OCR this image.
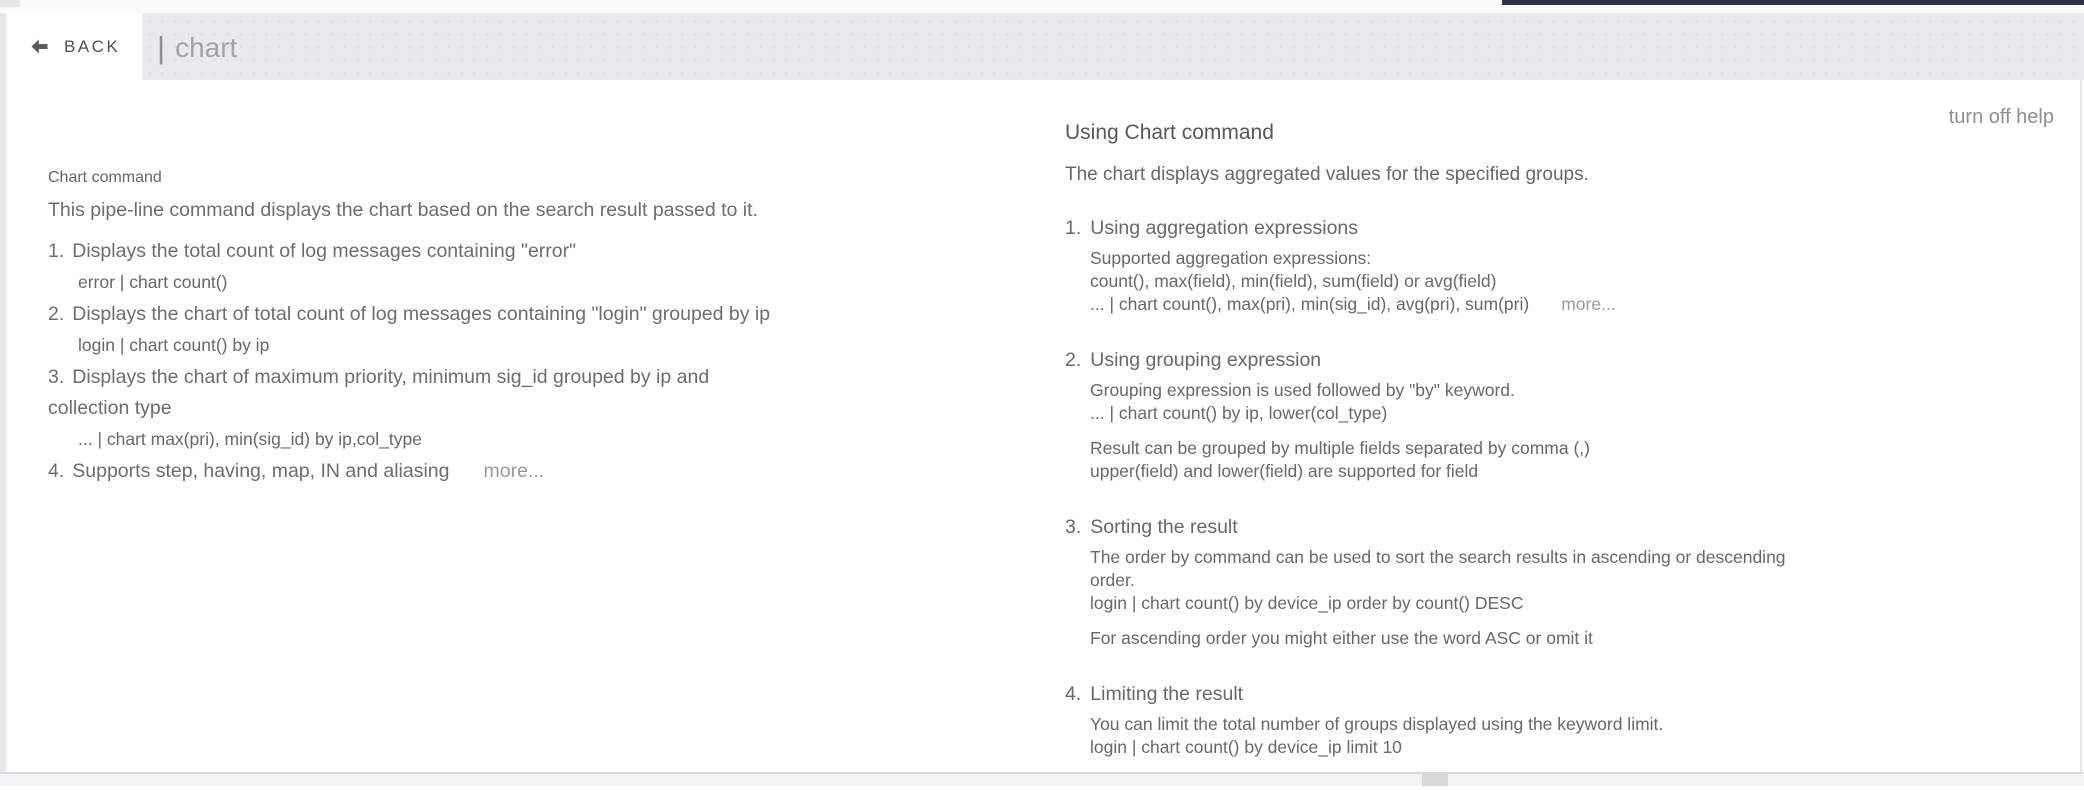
BACK | chart
turn off help
Chart command
This pipe-line command displays the chart based on the search result passed to it.
1. Displays the total count of log messages containing "error"
error | chart count()
2. Displays the chart of total count of log messages containing "login" grouped by ip
login | chart count() by ip
3. Displays the chart of maximum priority, minimum sig_id grouped by ip and
collection type
... | chart max(pri), min(sig_id) by ip,col_type
4. Supports step, having, map, IN and aliasing more...
Using Chart command
The chart displays aggregated values for the specified groups.
1. Using aggregation expressions
Supported aggregation expressions:
count(), max(field), min(field), sum(field) or avg(field)
... | chart count(), max(pri), min(sig_id), avg(pri), sum(pri) more...
2. Using grouping expression
Grouping expression is used followed by "by" keyword.
... | chart count() by ip, lower(col_type)
Result can be grouped by multiple fields separated by comma (,)
upper(field) and lower(field) are supported for field
3. Sorting the result
The order by command can be used to sort the search results in ascending or descending
order.
login | chart count() by device_ip order by count() DESC
For ascending order you might either use the word ASC or omit it
4. Limiting the result
You can limit the total number of groups displayed using the keyword limit.
login | chart count() by device_ip limit 10
